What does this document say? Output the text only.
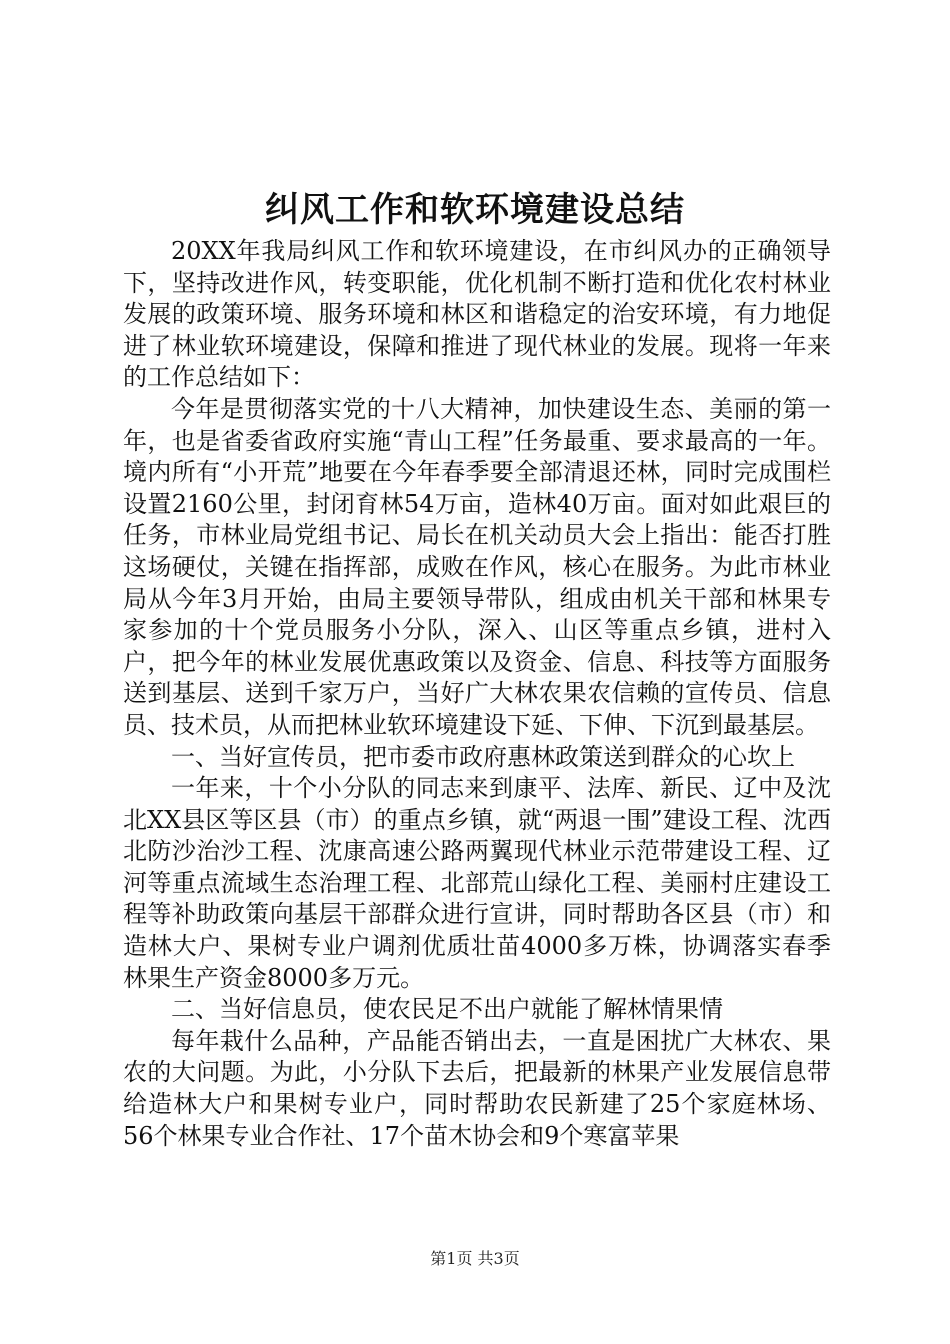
纠风工作和软环境建设总结

20XX年我局纠风工作和软环境建设，在市纠风办的正确领导下，坚持改进作风，转变职能，优化机制不断打造和优化农村林业发展的政策环境、服务环境和林区和谐稳定的治安环境，有力地促进了林业软环境建设，保障和推进了现代林业的发展。现将一年来的工作总结如下：

今年是贯彻落实党的十八大精神，加快建设生态、美丽的第一年，也是省委省政府实施“青山工程”任务最重、要求最高的一年。境内所有“小开荒”地要在今年春季要全部清退还林，同时完成围栏设置2160公里，封闭育林54万亩，造林40万亩。面对如此艰巨的任务，市林业局党组书记、局长在机关动员大会上指出：能否打胜这场硬仗，关键在指挥部，成败在作风，核心在服务。为此市林业局从今年3月开始，由局主要领导带队，组成由机关干部和林果专家参加的十个党员服务小分队，深入、山区等重点乡镇，进村入户，把今年的林业发展优惠政策以及资金、信息、科技等方面服务送到基层、送到千家万户，当好广大林农果农信赖的宣传员、信息员、技术员，从而把林业软环境建设下延、下伸、下沉到最基层。

一、当好宣传员，把市委市政府惠林政策送到群众的心坎上

一年来，十个小分队的同志来到康平、法库、新民、辽中及沈北XX县区等区县（市）的重点乡镇，就“两退一围”建设工程、沈西北防沙治沙工程、沈康高速公路两翼现代林业示范带建设工程、辽河等重点流域生态治理工程、北部荒山绿化工程、美丽村庄建设工程等补助政策向基层干部群众进行宣讲，同时帮助各区县（市）和造林大户、果树专业户调剂优质壮苗4000多万株，协调落实春季林果生产资金8000多万元。

二、当好信息员，使农民足不出户就能了解林情果情

每年栽什么品种，产品能否销出去，一直是困扰广大林农、果农的大问题。为此，小分队下去后，把最新的林果产业发展信息带给造林大户和果树专业户，同时帮助农民新建了25个家庭林场、56个林果专业合作社、17个苗木协会和9个寒富苹果

第1页 共3页
